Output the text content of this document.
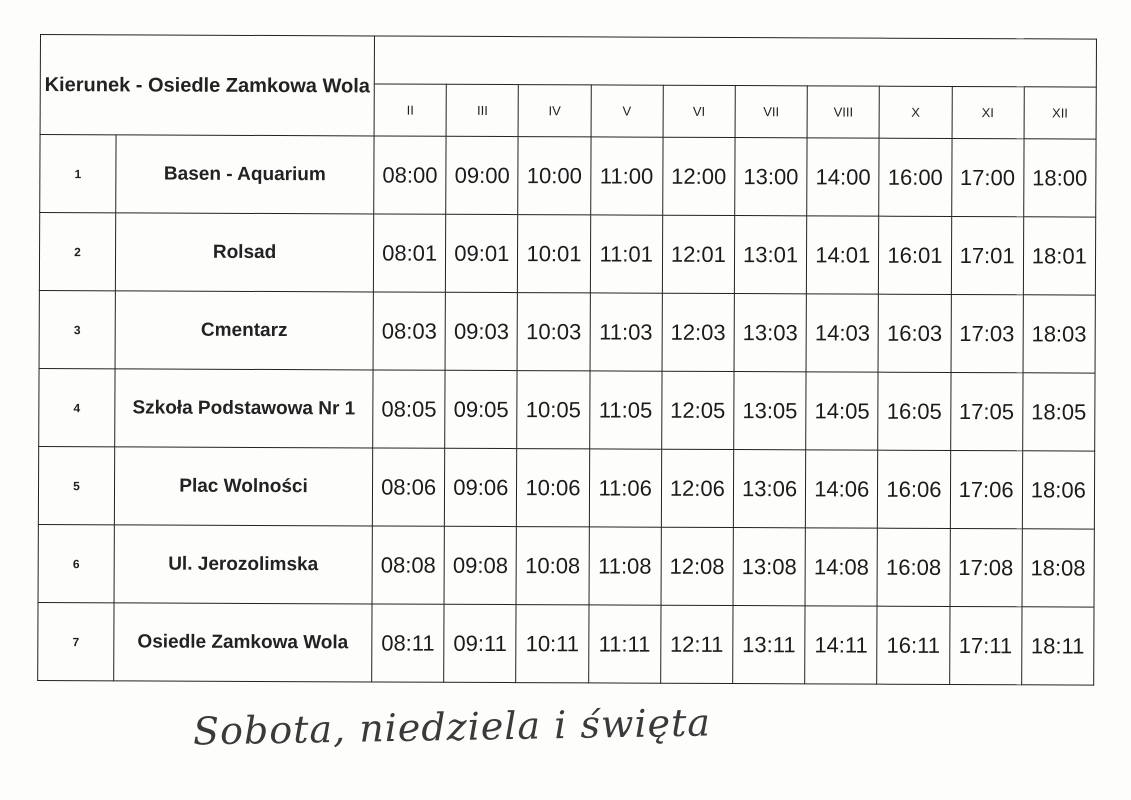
Kierunek - Osiedle Zamkowa Wola											
		II	III	IV	V	VI	VII	VIII	X	XI	XII
1	Basen - Aquarium	08:00	09:00	10:00	11:00	12:00	13:00	14:00	16:00	17:00	18:00
2	Rolsad	08:01	09:01	10:01	11:01	12:01	13:01	14:01	16:01	17:01	18:01
3	Cmentarz	08:03	09:03	10:03	11:03	12:03	13:03	14:03	16:03	17:03	18:03
4	Szkoła Podstawowa Nr 1	08:05	09:05	10:05	11:05	12:05	13:05	14:05	16:05	17:05	18:05
5	Plac Wolności	08:06	09:06	10:06	11:06	12:06	13:06	14:06	16:06	17:06	18:06
6	Ul. Jerozolimska	08:08	09:08	10:08	11:08	12:08	13:08	14:08	16:08	17:08	18:08
7	Osiedle Zamkowa Wola	08:11	09:11	10:11	11:11	12:11	13:11	14:11	16:11	17:11	18:11
Sobota, niedziela i święta
